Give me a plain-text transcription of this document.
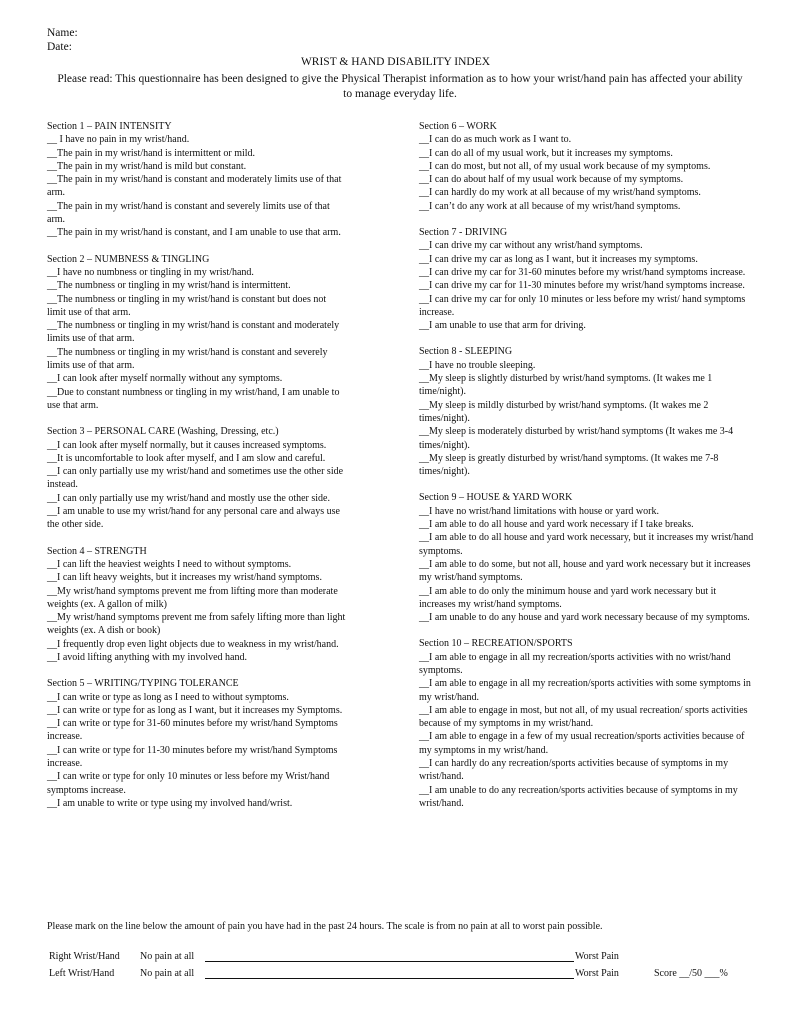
Name:
Date:
WRIST & HAND DISABILITY INDEX
Please read: This questionnaire has been designed to give the Physical Therapist information as to how your wrist/hand pain has affected your ability to manage everyday life.
Section 1 – PAIN INTENSITY
__ I have no pain in my wrist/hand.
__The pain in my wrist/hand is intermittent or mild.
__The pain in my wrist/hand is mild but constant.
__The pain in my wrist/hand is constant and moderately limits use of that arm.
__The pain in my wrist/hand is constant and severely limits use of that arm.
__The pain in my wrist/hand is constant, and I am unable to use that arm.
Section 2 – NUMBNESS & TINGLING
__I have no numbness or tingling in my wrist/hand.
__The numbness or tingling in my wrist/hand is intermittent.
__The numbness or tingling in my wrist/hand is constant but does not limit use of that arm.
__The numbness or tingling in my wrist/hand is constant and moderately limits use of that arm.
__The numbness or tingling in my wrist/hand is constant and severely limits use of that arm.
__I can look after myself normally without any symptoms.
__Due to constant numbness or tingling in my wrist/hand, I am unable to use that arm.
Section 3 – PERSONAL CARE (Washing, Dressing, etc.)
__I can look after myself normally, but it causes increased symptoms.
__It is uncomfortable to look after myself, and I am slow and careful.
__I can only partially use my wrist/hand and sometimes use the other side instead.
__I can only partially use my wrist/hand and mostly use the other side.
__I am unable to use my wrist/hand for any personal care and always use the other side.
Section 4 – STRENGTH
__I can lift the heaviest weights I need to without symptoms.
__I can lift heavy weights, but it increases my wrist/hand symptoms.
__My wrist/hand symptoms prevent me from lifting more than moderate weights (ex. A gallon of milk)
__My wrist/hand symptoms prevent me from safely lifting more than light weights (ex. A dish or book)
__I frequently drop even light objects due to weakness in my wrist/hand.
__I avoid lifting anything with my involved hand.
Section 5 – WRITING/TYPING TOLERANCE
__I can write or type as long as I need to without symptoms.
__I can write or type for as long as I want, but it increases my Symptoms.
__I can write or type for 31-60 minutes before my wrist/hand Symptoms increase.
__I can write or type for 11-30 minutes before my wrist/hand Symptoms increase.
__I can write or type for only 10 minutes or less before my Wrist/hand symptoms increase.
__I am unable to write or type using my involved hand/wrist.
Section 6 – WORK
__I can do as much work as I want to.
__I can do all of my usual work, but it increases my symptoms.
__I can do most, but not all, of my usual work because of my symptoms.
__I can do about half of my usual work because of my symptoms.
__I can hardly do my work at all because of my wrist/hand symptoms.
__I can’t do any work at all because of my wrist/hand symptoms.
Section 7 - DRIVING
__I can drive my car without any wrist/hand symptoms.
__I can drive my car as long as I want, but it increases my symptoms.
__I can drive my car for 31-60 minutes before my wrist/hand symptoms increase.
__I can drive my car for 11-30 minutes before my wrist/hand symptoms increase.
__I can drive my car for only 10 minutes or less before my wrist/ hand symptoms increase.
__I am unable to use that arm for driving.
Section 8 - SLEEPING
__I have no trouble sleeping.
__My sleep is slightly disturbed by wrist/hand symptoms. (It wakes me 1 time/night).
__My sleep is mildly disturbed by wrist/hand symptoms. (It wakes me 2 times/night).
__My sleep is moderately disturbed by wrist/hand symptoms (It wakes me 3-4 times/night).
__My sleep is greatly disturbed by wrist/hand symptoms. (It wakes me 7-8 times/night).
Section 9 – HOUSE & YARD WORK
__I have no wrist/hand limitations with house or yard work.
__I am able to do all house and yard work necessary if I take breaks.
__I am able to do all house and yard work necessary, but it increases my wrist/hand symptoms.
__I am able to do some, but not all, house and yard work necessary but it increases my wrist/hand symptoms.
__I am able to do only the minimum house and yard work necessary but it increases my wrist/hand symptoms.
__I am unable to do any house and yard work necessary because of my symptoms.
Section 10 – RECREATION/SPORTS
__I am able to engage in all my recreation/sports activities with no wrist/hand symptoms.
__I am able to engage in all my recreation/sports activities with some symptoms in my wrist/hand.
__I am able to engage in most, but not all, of my usual recreation/ sports activities because of my symptoms in my wrist/hand.
__I am able to engage in a few of my usual recreation/sports activities because of my symptoms in my wrist/hand.
__I can hardly do any recreation/sports activities because of symptoms in my wrist/hand.
__I am unable to do any recreation/sports activities because of symptoms in my wrist/hand.
Please mark on the line below the amount of pain you have had in the past 24 hours. The scale is from no pain at all to worst pain possible.
Right Wrist/Hand No pain at all	Worst Pain
Left Wrist/Hand	No pain at all	Worst Pain	Score __/50 ___%
